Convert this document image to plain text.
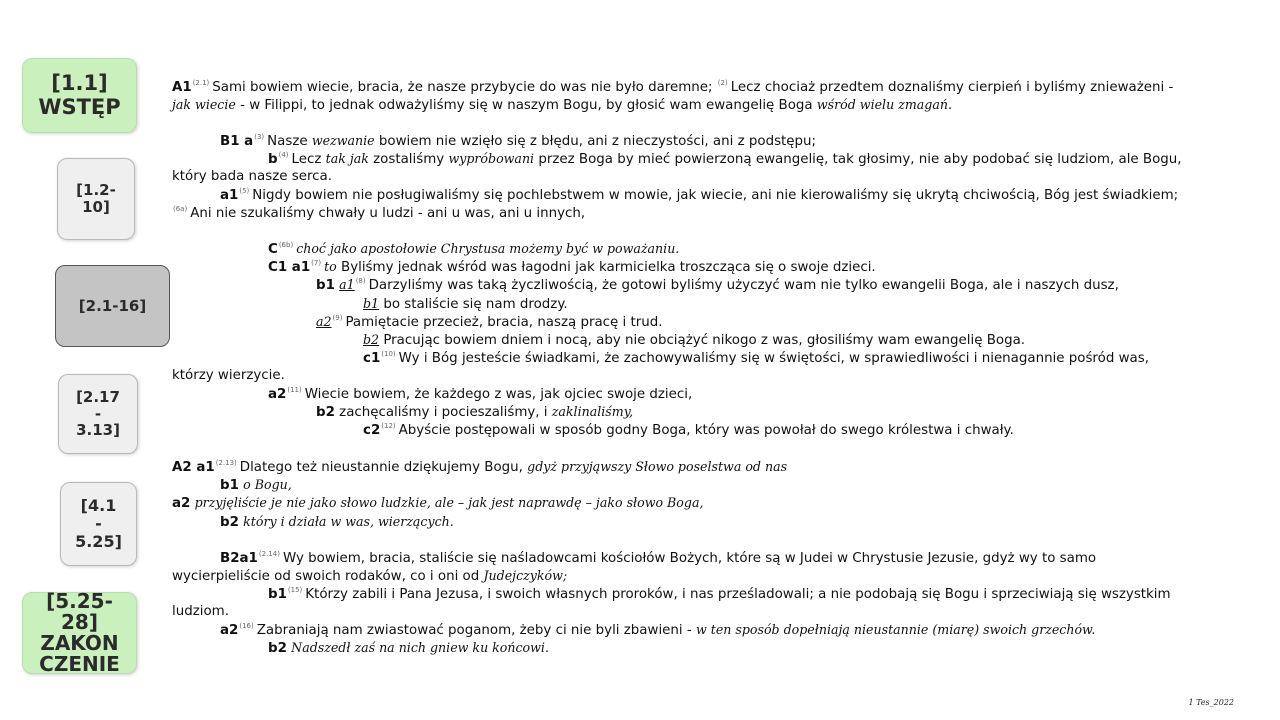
[1.1]
WSTĘP
[1.2-
10]
[2.1-16]
[2.17
-
3.13]
[4.1
-
5.25]
[5.25-
28]
ZAKON
CZENIE
$A1^{(2.1)}$ Sami bowiem wiecie, bracia, że nasze przybycie do was nie było daremne; $^{(2)}$ Lecz chociaż przedtem doznaliśmy cierpień i byliśmy znieważeni -
jak wiecie - w Filippi, to jednak odważyliśmy się w naszym Bogu, by głosić wam ewangelię Boga wśród wielu zmagań.
B1 $a^{(3)}$ Nasze wezwanie bowiem nie wzięło się z błędu, ani z nieczystości, ani z podstępu;
$b^{(4)}$ Lecz tak jak zostaliśmy wypróbowani przez Boga by mieć powierzoną ewangelię, tak głosimy, nie aby podobać się ludziom, ale Bogu,
który bada nasze serca.
a1$^{(5)}$ Nigdy bowiem nie posługiwaliśmy się pochlebstwem w mowie, jak wiecie, ani nie kierowaliśmy się ukrytą chciwością, Bóg jest świadkiem;
$^{(6a)}$ Ani nie szukaliśmy chwały u ludzi - ani u was, ani u innych,
$C^{(6b)}$ choć jako apostołowie Chrystusa możemy być w poważaniu.
C1 a1$^{(7)}$ to Byliśmy jednak wśród was łagodni jak karmicielka troszcząca się o swoje dzieci.
b1 a1$^{(8)}$ Darzyliśmy was taką życzliwością, że gotowi byliśmy użyczyć wam nie tylko ewangelii Boga, ale i naszych dusz,
b1 bo staliście się nam drodzy.
a2$^{(9)}$ Pamiętacie przecież, bracia, naszą pracę i trud.
b2 Pracując bowiem dniem i nocą, aby nie obciążyć nikogo z was, głosiliśmy wam ewangelię Boga.
c1$^{(10)}$ Wy i Bóg jesteście świadkami, że zachowywaliśmy się w świętości, w sprawiedliwości i nienagannie pośród was,
którzy wierzycie.
a2$^{(11)}$ Wiecie bowiem, że każdego z was, jak ojciec swoje dzieci,
b2 zachęcaliśmy i pocieszaliśmy, i zaklinaliśmy,
c2$^{(12)}$ Abyście postępowali w sposób godny Boga, który was powołał do swego królestwa i chwały.
A2 $a1^{(2.13)}$ Dlatego też nieustannie dziękujemy Bogu, gdyż przyjąwszy Słowo poselstwa od nas
b1 o Bogu,
a2 przyjęliście je nie jako słowo ludzkie, ale – jak jest naprawdę – jako słowo Boga,
b2 który i działa w was, wierzących.
$B2a1^{(2.14)}$ Wy bowiem, bracia, staliście się naśladowcami kościołów Bożych, które są w Judei w Chrystusie Jezusie, gdyż wy to samo
wycierpieliście od swoich rodaków, co i oni od Judejczyków;
b1$^{(15)}$ Którzy zabili i Pana Jezusa, i swoich własnych proroków, i nas prześladowali; a nie podobają się Bogu i sprzeciwiają się wszystkim
ludziom.
a2$^{(16)}$ Zabraniają nam zwiastować poganom, żeby ci nie byli zbawieni - w ten sposób dopełniają nieustannie (miarę) swoich grzechów.
b2 Nadszedł zaś na nich gniew ku końcowi.
1 Tes_2022
